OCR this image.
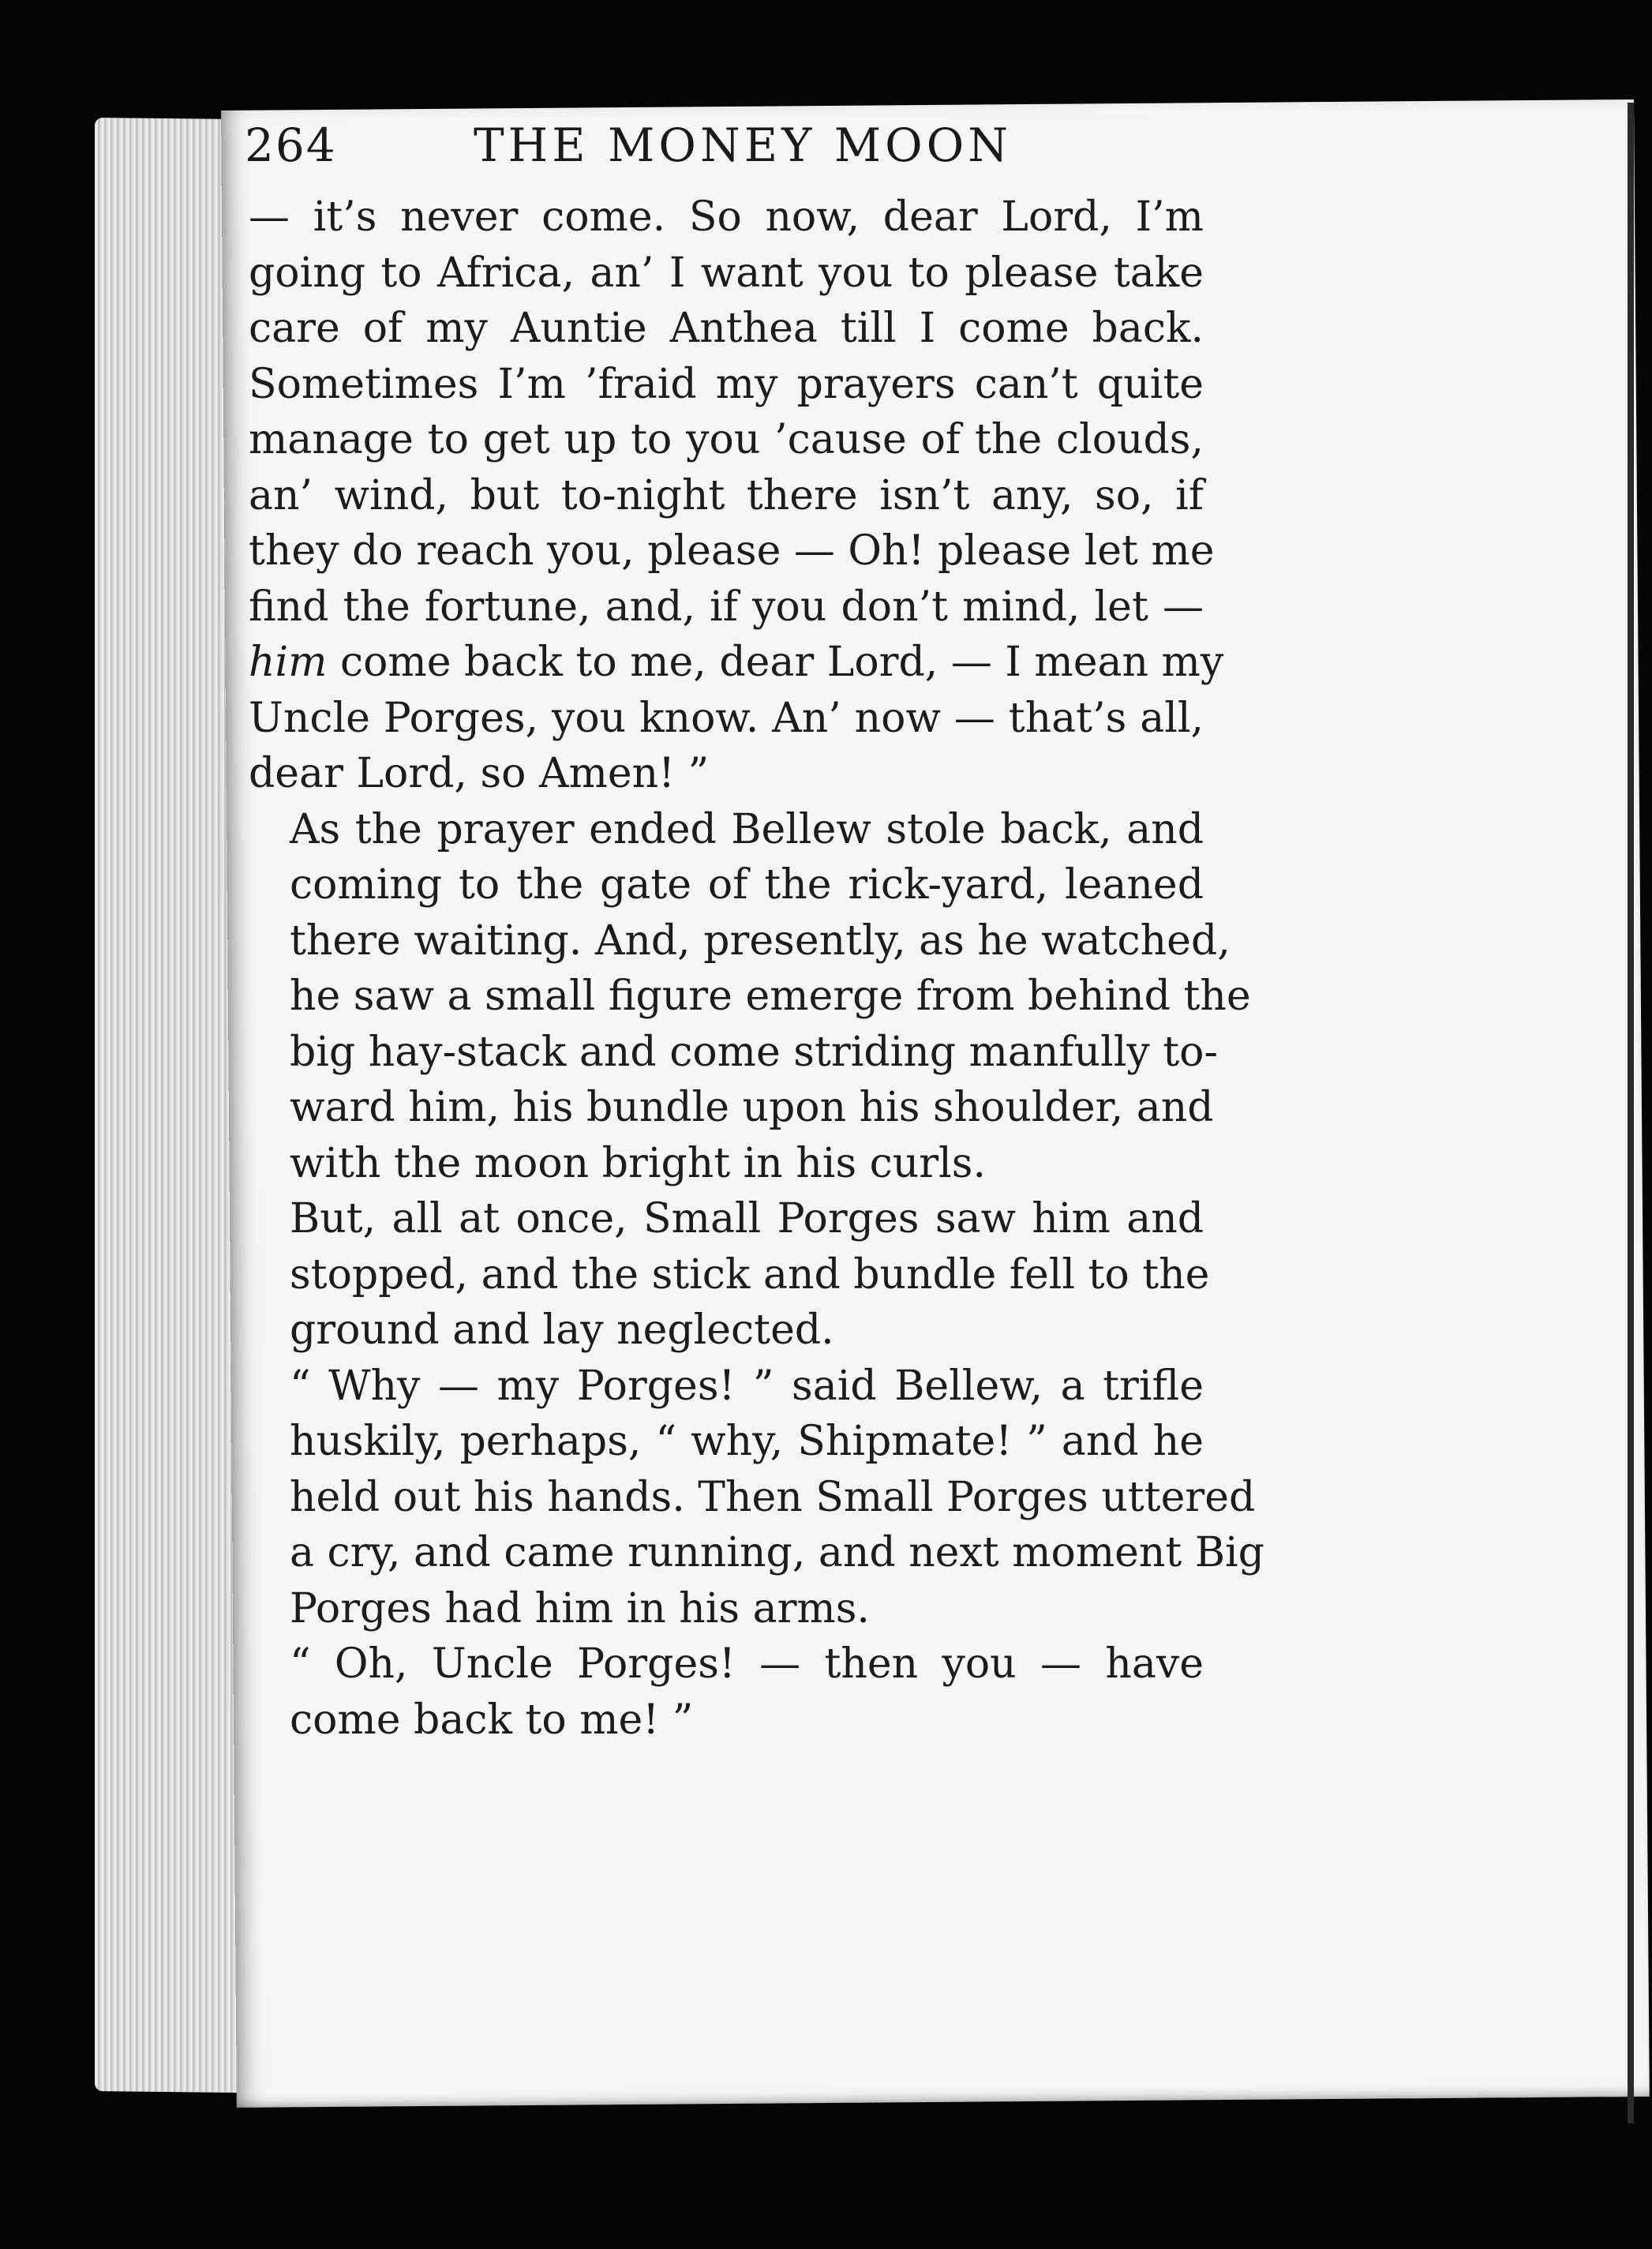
264	THE MONEY MOON
— it’s never come. So now, dear Lord, I’m
going to Africa, an’ I want you to please take
care of my Auntie Anthea till I come back.
Sometimes I’m ’fraid my prayers can’t quite
manage to get up to you ’cause of the clouds,
an’ wind, but to-night there isn’t any, so, if
they do reach you, please — Oh! please let me
find the fortune, and, if you don’t mind, let —
him come back to me, dear Lord, — I mean my
Uncle Porges, you know. An’ now — that’s all,
dear Lord, so Amen! ”
As the prayer ended Bellew stole back, and
coming to the gate of the rick-yard, leaned
there waiting. And, presently, as he watched,
he saw a small figure emerge from behind the
big hay-stack and come striding manfully to-
ward him, his bundle upon his shoulder, and
with the moon bright in his curls.
But, all at once, Small Porges saw him and
stopped, and the stick and bundle fell to the
ground and lay neglected.
“ Why — my Porges! ” said Bellew, a trifle
huskily, perhaps, “ why, Shipmate! ” and he
held out his hands. Then Small Porges uttered
a cry, and came running, and next moment Big
Porges had him in his arms.
“ Oh, Uncle Porges! — then you — have
come back to me! ”
